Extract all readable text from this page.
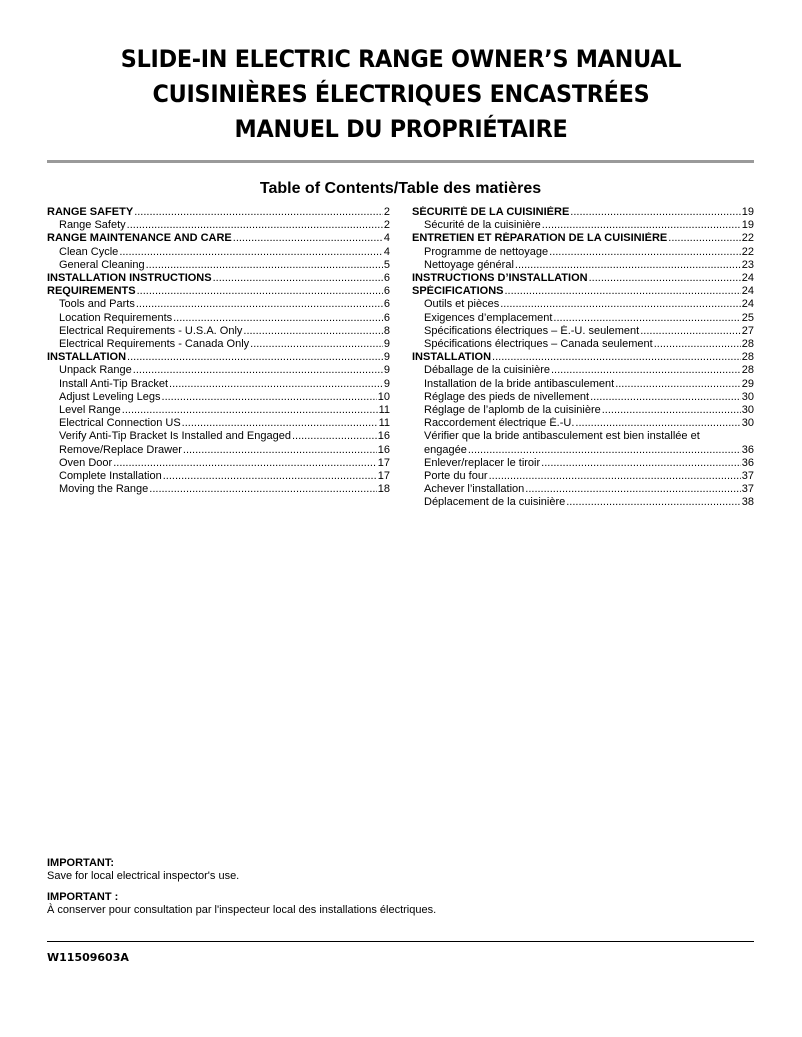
SLIDE-IN ELECTRIC RANGE OWNER’S MANUAL
CUISINIÈRES ÉLECTRIQUES ENCASTRÉES
MANUEL DU PROPRIÉTAIRE
Table of Contents/Table des matières
RANGE SAFETY .....	2
Range Safety .....	2
RANGE MAINTENANCE AND CARE .....	4
Clean Cycle .....	4
General Cleaning .....	5
INSTALLATION INSTRUCTIONS .....	6
REQUIREMENTS .....	6
Tools and Parts .....	6
Location Requirements .....	6
Electrical Requirements - U.S.A. Only .....	8
Electrical Requirements - Canada Only .....	9
INSTALLATION .....	9
Unpack Range .....	9
Install Anti-Tip Bracket .....	9
Adjust Leveling Legs .....	10
Level Range .....	11
Electrical Connection US .....	11
Verify Anti-Tip Bracket Is Installed and Engaged .....	16
Remove/Replace Drawer .....	16
Oven Door .....	17
Complete Installation .....	17
Moving the Range .....	18
SÉCURITÉ DE LA CUISINIÈRE .....	19
Sécurité de la cuisinière .....	19
ENTRETIEN ET RÉPARATION DE LA CUISINIÈRE .....	22
Programme de nettoyage .....	22
Nettoyage général .....	23
INSTRUCTIONS D’INSTALLATION .....	24
SPÉCIFICATIONS .....	24
Outils et pièces .....	24
Exigences d’emplacement .....	25
Spécifications électriques – É.-U. seulement .....	27
Spécifications électriques – Canada seulement .....	28
INSTALLATION .....	28
Déballage de la cuisinière .....	28
Installation de la bride antibasculement .....	29
Réglage des pieds de nivellement .....	30
Réglage de l’aplomb de la cuisinière .....	30
Raccordement électrique É.-U. .....	30
Vérifier que la bride antibasculement est bien installée et
engagée .....	36
Enlever/replacer le tiroir .....	36
Porte du four .....	37
Achever l’installation .....	37
Déplacement de la cuisinière .....	38
IMPORTANT:
Save for local electrical inspector's use.
IMPORTANT :
À conserver pour consultation par l'inspecteur local des installations électriques.
W11509603A
